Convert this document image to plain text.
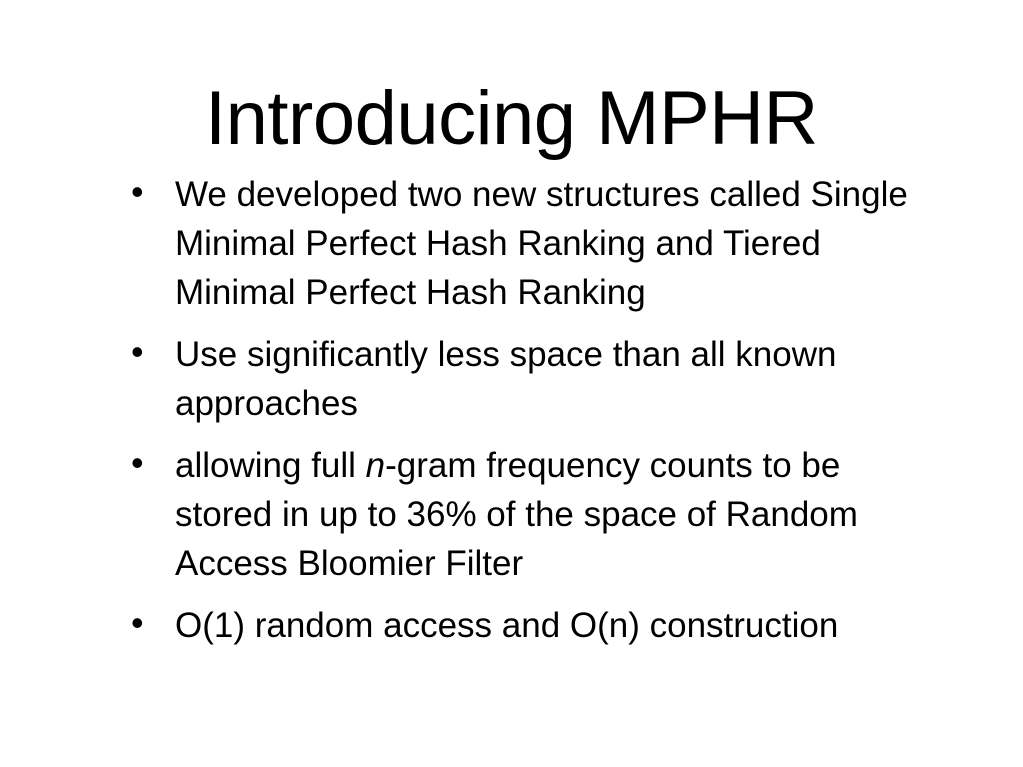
Introducing MPHR
• We developed two new structures called Single Minimal Perfect Hash Ranking and Tiered Minimal Perfect Hash Ranking
• Use significantly less space than all known approaches
• allowing full n-gram frequency counts to be stored in up to 36% of the space of Random Access Bloomier Filter
• O(1) random access and O(n) construction
